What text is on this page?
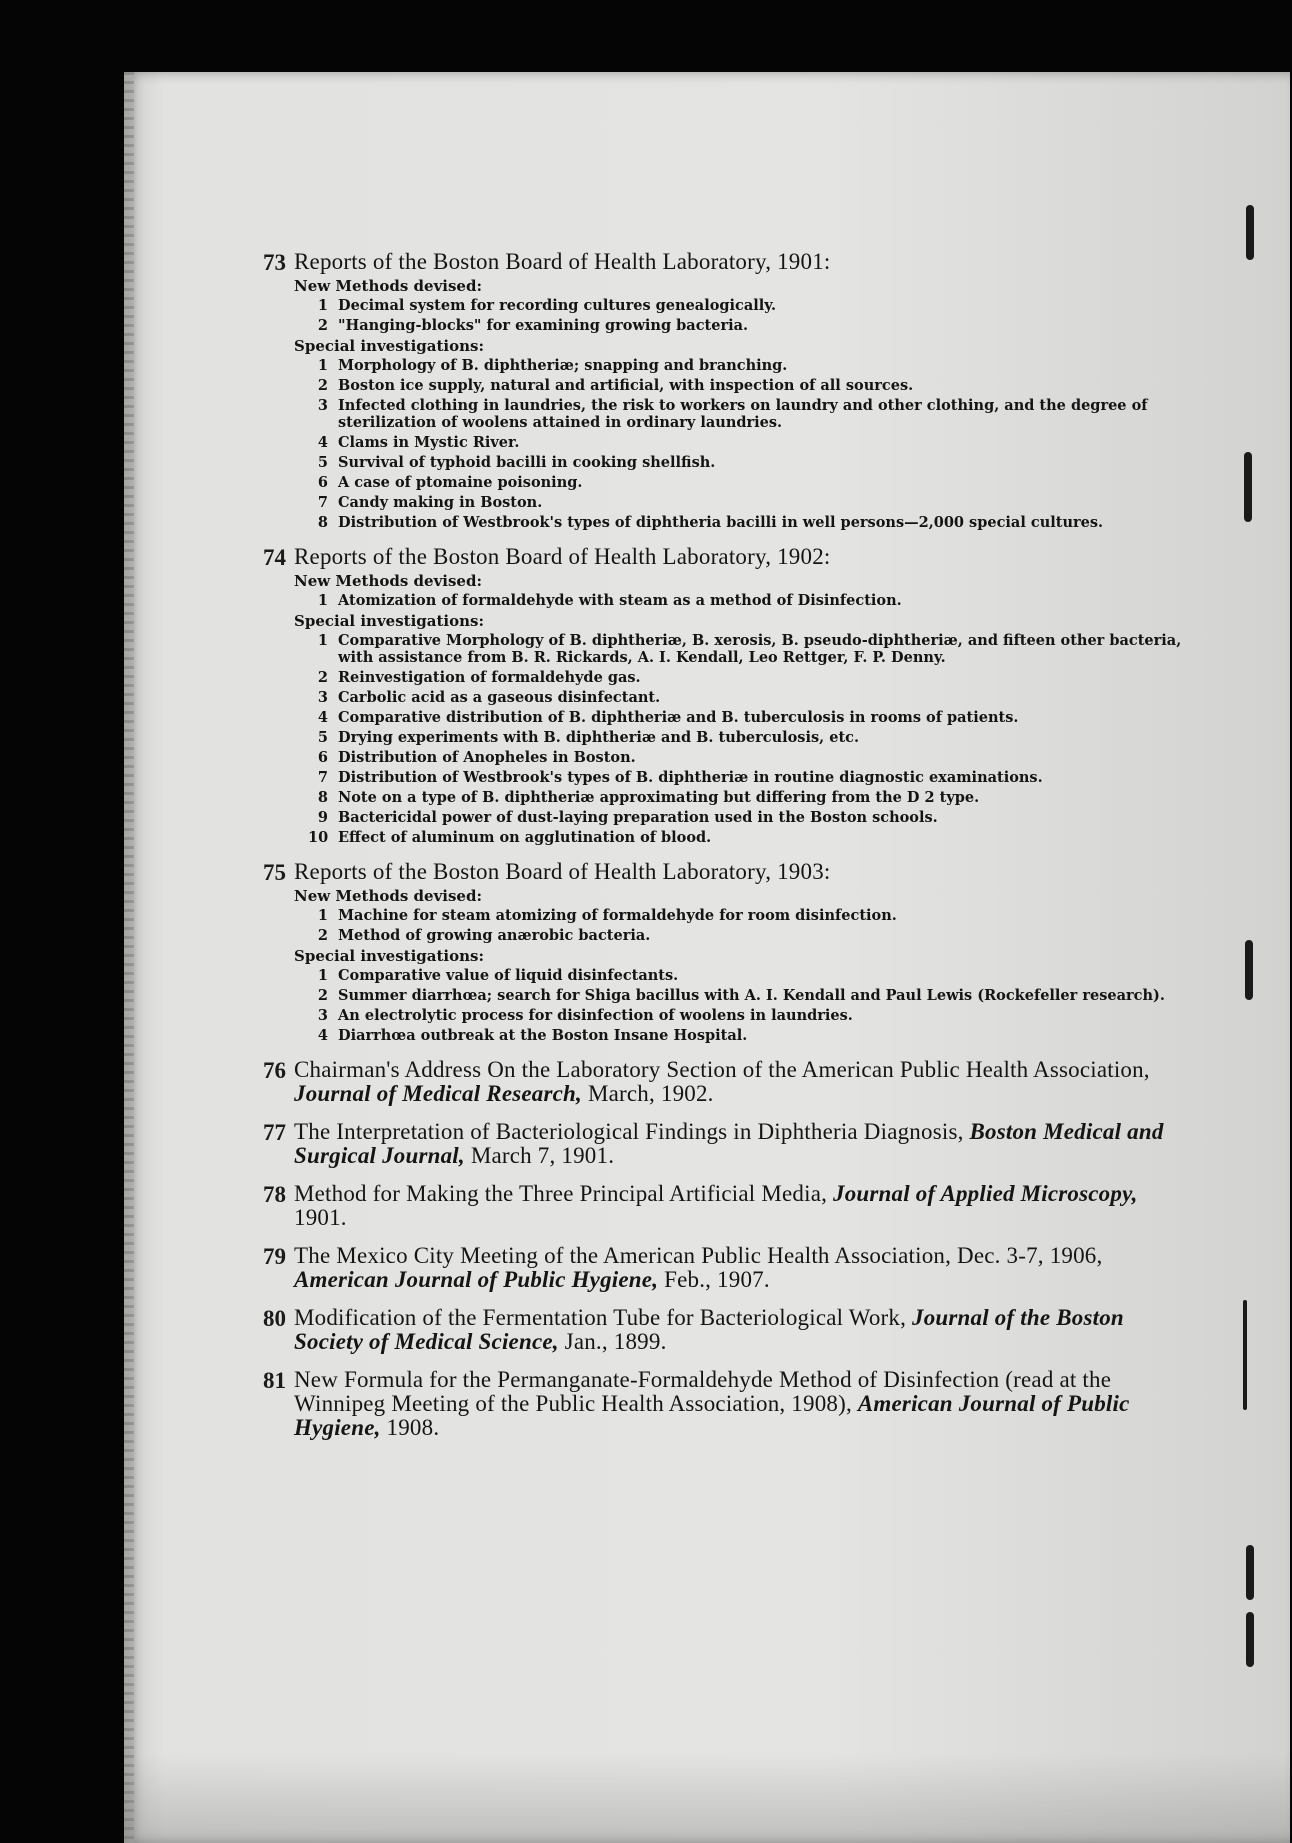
73 Reports of the Boston Board of Health Laboratory, 1901:
New Methods devised:
1 Decimal system for recording cultures genealogically.
2 "Hanging-blocks" for examining growing bacteria.
Special investigations:
1 Morphology of B. diphtheriæ; snapping and branching.
2 Boston ice supply, natural and artificial, with inspection of all sources.
3 Infected clothing in laundries, the risk to workers on laundry and other clothing, and the degree of sterilization of woolens attained in ordinary laundries.
4 Clams in Mystic River.
5 Survival of typhoid bacilli in cooking shellfish.
6 A case of ptomaine poisoning.
7 Candy making in Boston.
8 Distribution of Westbrook's types of diphtheria bacilli in well persons—2,000 special cultures.
74 Reports of the Boston Board of Health Laboratory, 1902:
New Methods devised:
1 Atomization of formaldehyde with steam as a method of Disinfection.
Special investigations:
1 Comparative Morphology of B. diphtheriæ, B. xerosis, B. pseudo-diphtheriæ, and fifteen other bacteria, with assistance from B. R. Rickards, A. I. Kendall, Leo Rettger, F. P. Denny.
2 Reinvestigation of formaldehyde gas.
3 Carbolic acid as a gaseous disinfectant.
4 Comparative distribution of B. diphtheriæ and B. tuberculosis in rooms of patients.
5 Drying experiments with B. diphtheriæ and B. tuberculosis, etc.
6 Distribution of Anopheles in Boston.
7 Distribution of Westbrook's types of B. diphtheriæ in routine diagnostic examinations.
8 Note on a type of B. diphtheriæ approximating but differing from the D 2 type.
9 Bactericidal power of dust-laying preparation used in the Boston schools.
10 Effect of aluminum on agglutination of blood.
75 Reports of the Boston Board of Health Laboratory, 1903:
New Methods devised:
1 Machine for steam atomizing of formaldehyde for room disinfection.
2 Method of growing anærobic bacteria.
Special investigations:
1 Comparative value of liquid disinfectants.
2 Summer diarrhœa; search for Shiga bacillus with A. I. Kendall and Paul Lewis (Rockefeller research).
3 An electrolytic process for disinfection of woolens in laundries.
4 Diarrhœa outbreak at the Boston Insane Hospital.
76 Chairman's Address On the Laboratory Section of the American Public Health Association, Journal of Medical Research, March, 1902.
77 The Interpretation of Bacteriological Findings in Diphtheria Diagnosis, Boston Medical and Surgical Journal, March 7, 1901.
78 Method for Making the Three Principal Artificial Media, Journal of Applied Microscopy, 1901.
79 The Mexico City Meeting of the American Public Health Association, Dec. 3-7, 1906, American Journal of Public Hygiene, Feb., 1907.
80 Modification of the Fermentation Tube for Bacteriological Work, Journal of the Boston Society of Medical Science, Jan., 1899.
81 New Formula for the Permanganate-Formaldehyde Method of Disinfection (read at the Winnipeg Meeting of the Public Health Association, 1908), American Journal of Public Hygiene, 1908.
